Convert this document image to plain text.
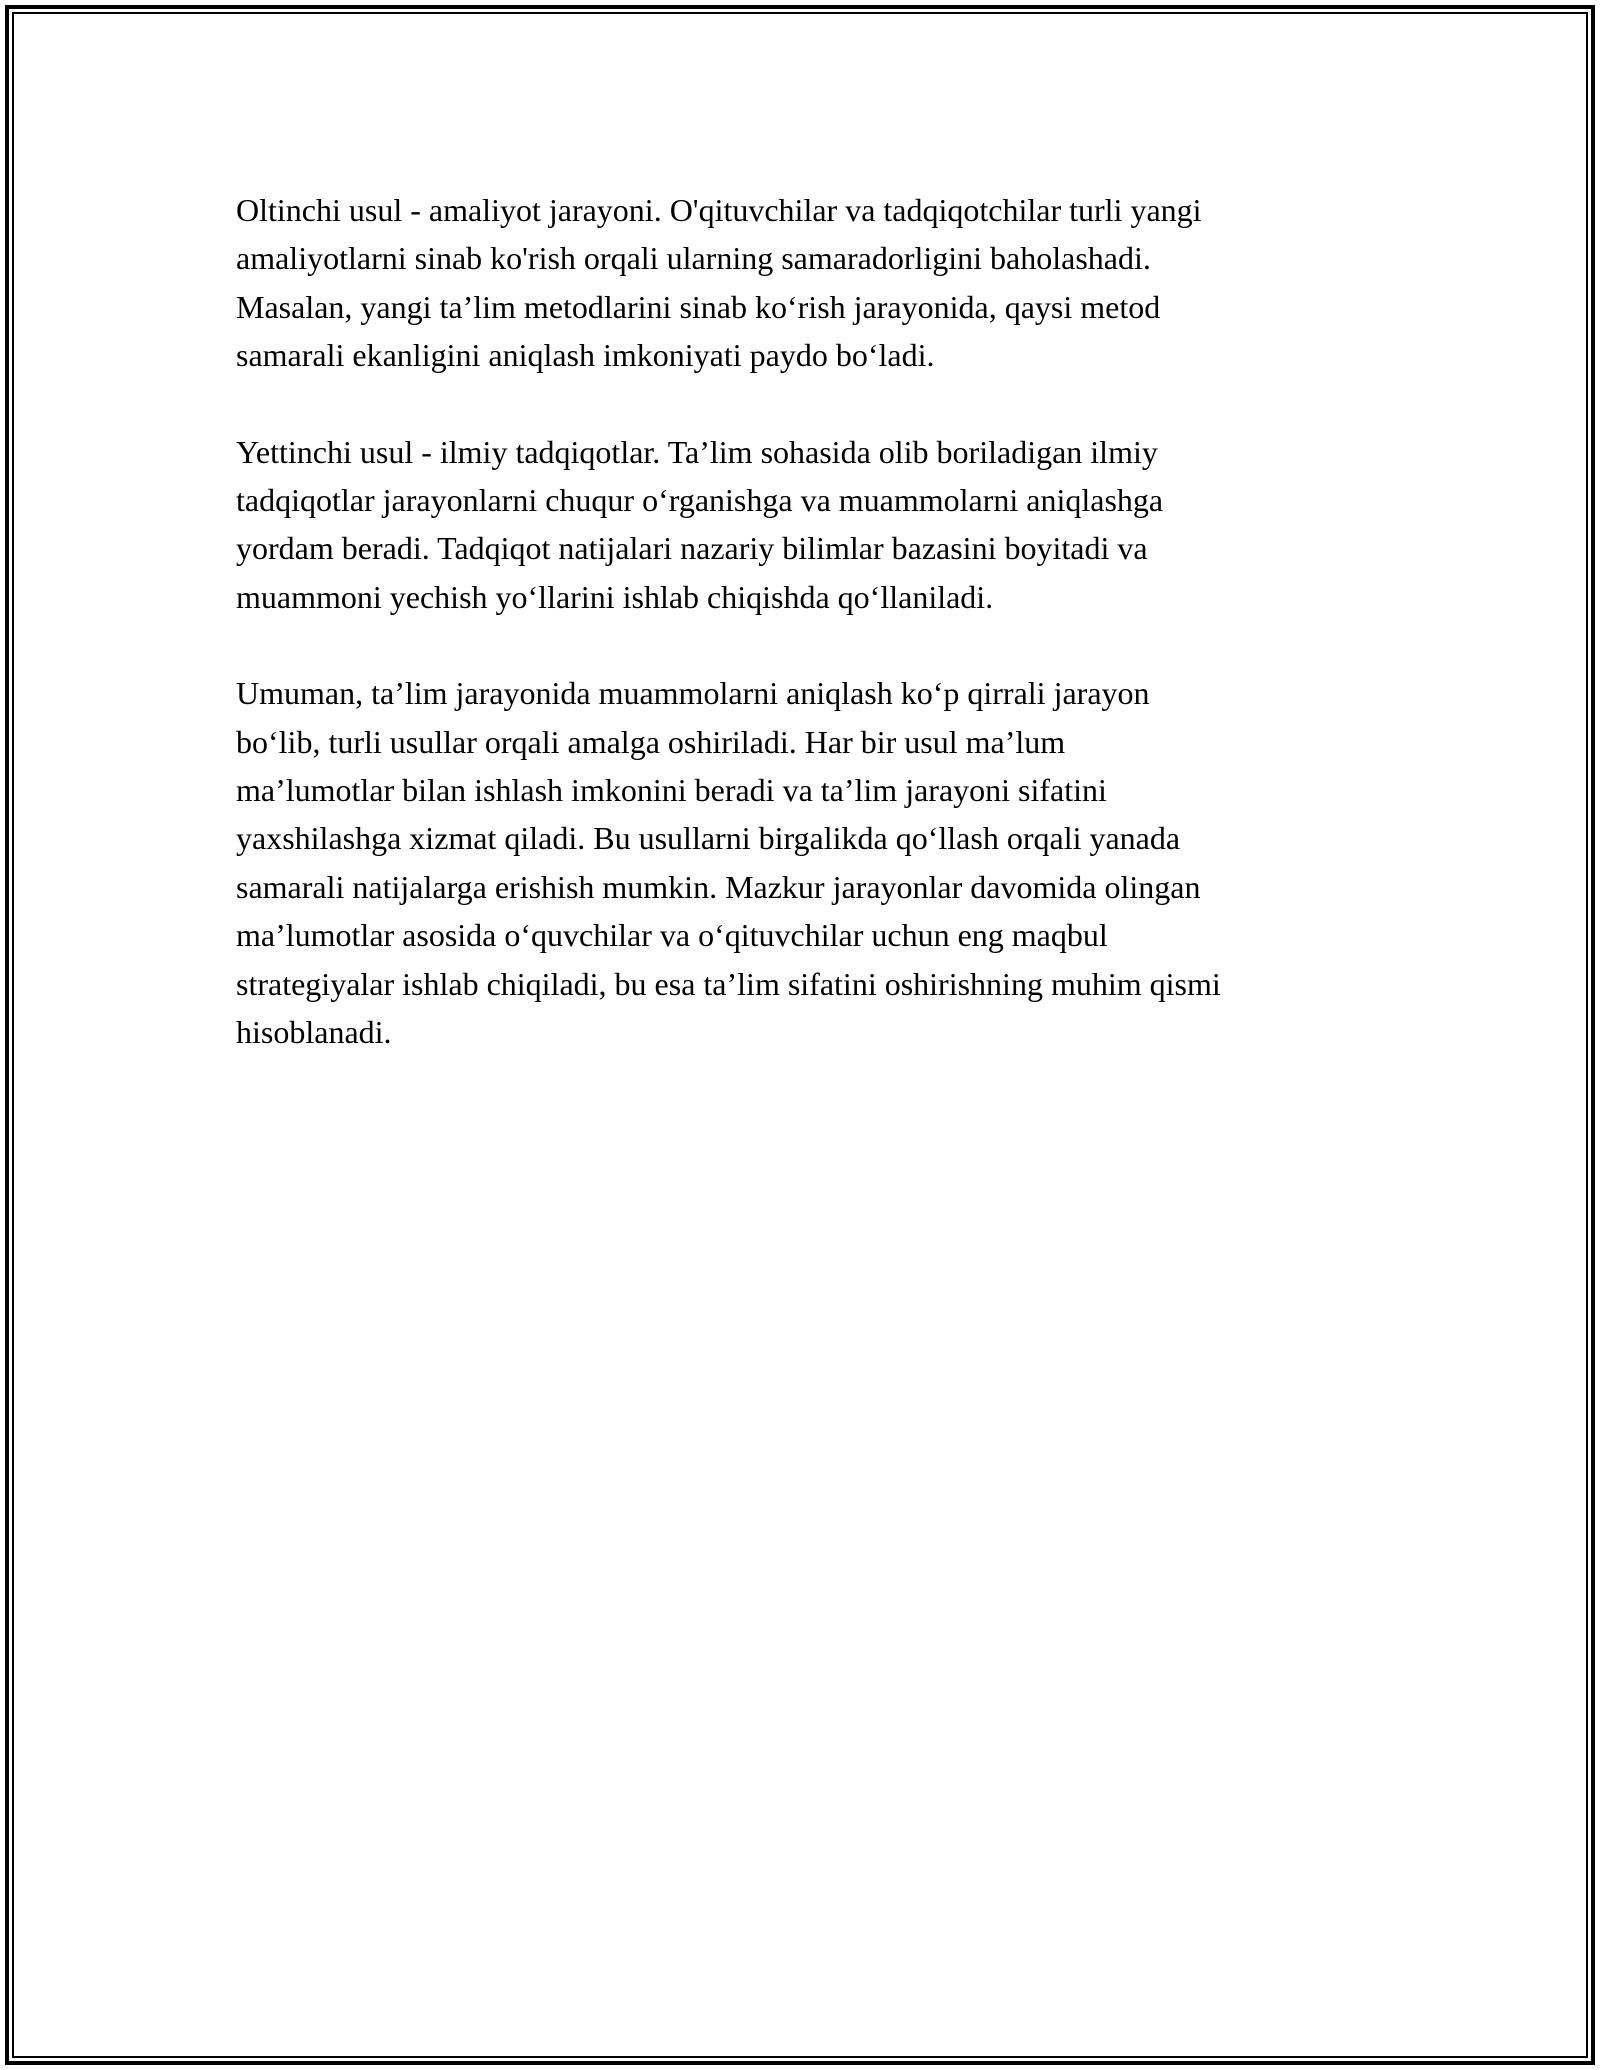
Oltinchi usul - amaliyot jarayoni. O'qituvchilar va tadqiqotchilar turli yangi
amaliyotlarni sinab ko'rish orqali ularning samaradorligini baholashadi.
Masalan, yangi ta’lim metodlarini sinab ko‘rish jarayonida, qaysi metod
samarali ekanligini aniqlash imkoniyati paydo bo‘ladi.

Yettinchi usul - ilmiy tadqiqotlar. Ta’lim sohasida olib boriladigan ilmiy
tadqiqotlar jarayonlarni chuqur o‘rganishga va muammolarni aniqlashga
yordam beradi. Tadqiqot natijalari nazariy bilimlar bazasini boyitadi va
muammoni yechish yo‘llarini ishlab chiqishda qo‘llaniladi.

Umuman, ta’lim jarayonida muammolarni aniqlash ko‘p qirrali jarayon
bo‘lib, turli usullar orqali amalga oshiriladi. Har bir usul ma’lum
ma’lumotlar bilan ishlash imkonini beradi va ta’lim jarayoni sifatini
yaxshilashga xizmat qiladi. Bu usullarni birgalikda qo‘llash orqali yanada
samarali natijalarga erishish mumkin. Mazkur jarayonlar davomida olingan
ma’lumotlar asosida o‘quvchilar va o‘qituvchilar uchun eng maqbul
strategiyalar ishlab chiqiladi, bu esa ta’lim sifatini oshirishning muhim qismi
hisoblanadi.
